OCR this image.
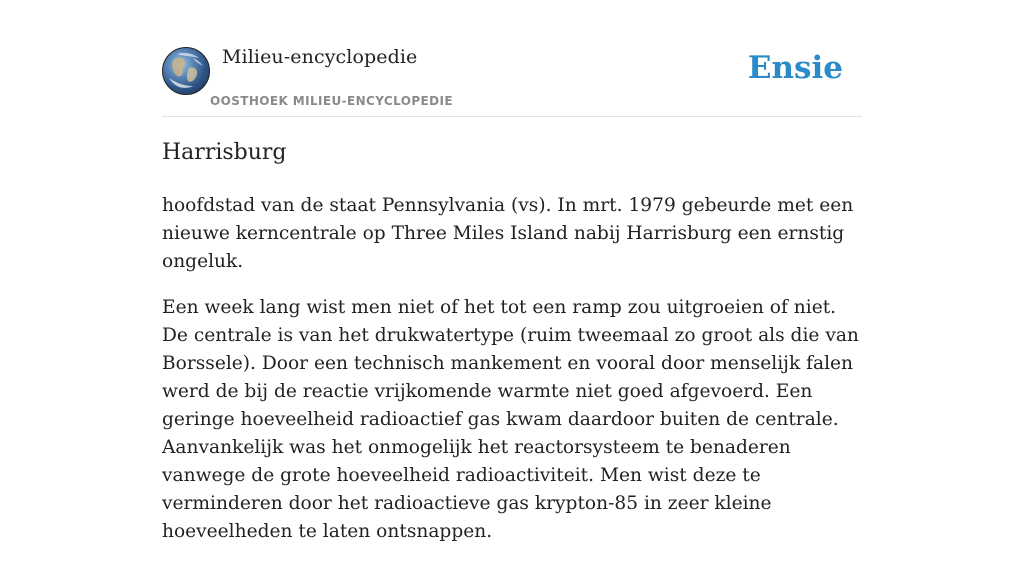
Milieu-encyclopedie
OOSTHOEK MILIEU-ENCYCLOPEDIE
Ensie
Harrisburg

hoofdstad van de staat Pennsylvania (vs). In mrt. 1979 gebeurde met een nieuwe kerncentrale op Three Miles Island nabij Harrisburg een ernstig ongeluk.

Een week lang wist men niet of het tot een ramp zou uitgroeien of niet. De centrale is van het drukwatertype (ruim tweemaal zo groot als die van Borssele). Door een technisch mankement en vooral door menselijk falen werd de bij de reactie vrijkomende warmte niet goed afgevoerd. Een geringe hoeveelheid radioactief gas kwam daardoor buiten de centrale. Aanvankelijk was het onmogelijk het reactorsysteem te benaderen vanwege de grote hoeveelheid radioactiviteit. Men wist deze te verminderen door het radioactieve gas krypton-85 in zeer kleine hoeveelheden te laten ontsnappen.
